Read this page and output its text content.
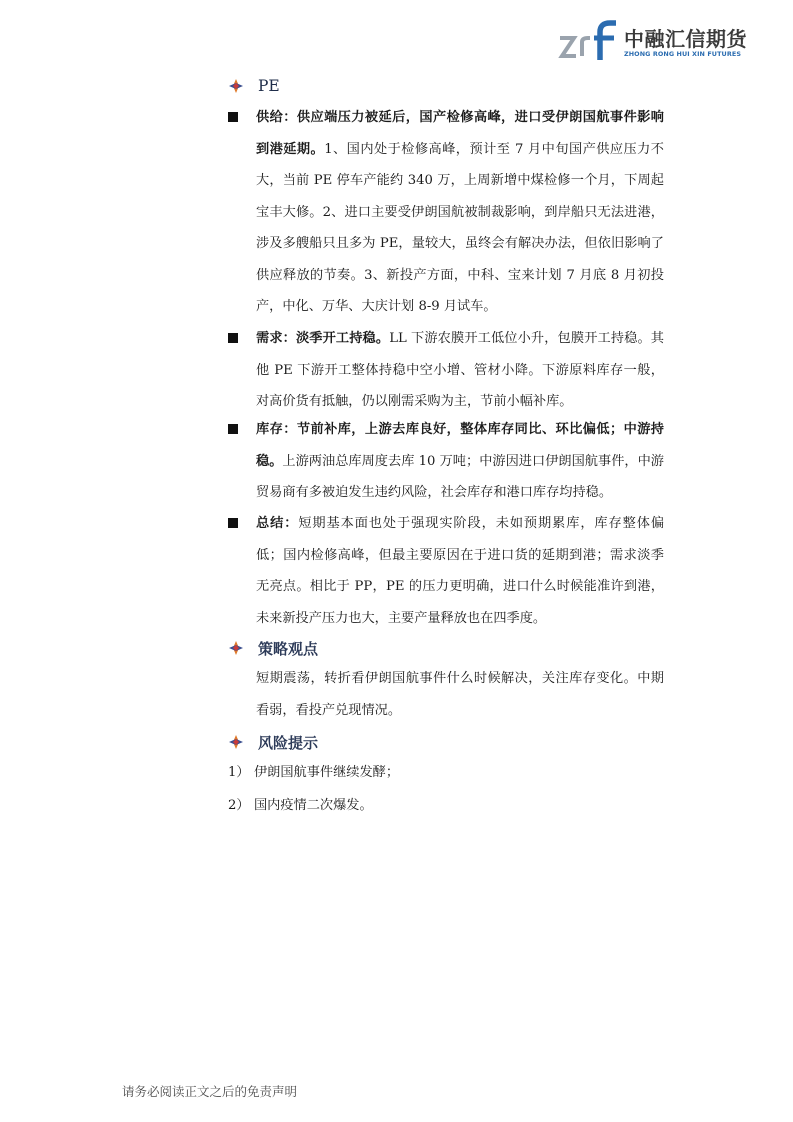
中融汇信期货
ZHONG RONG HUI XIN FUTURES
PE

供给：供应端压力被延后，国产检修高峰，进口受伊朗国航事件影响到港延期。1、国内处于检修高峰，预计至 7 月中旬国产供应压力不大，当前 PE 停车产能约 340 万，上周新增中煤检修一个月，下周起宝丰大修。2、进口主要受伊朗国航被制裁影响，到岸船只无法进港，涉及多艘船只且多为 PE，量较大，虽终会有解决办法，但依旧影响了供应释放的节奏。3、新投产方面，中科、宝来计划 7 月底 8 月初投产，中化、万华、大庆计划 8-9 月试车。

需求：淡季开工持稳。LL 下游农膜开工低位小升，包膜开工持稳。其他 PE 下游开工整体持稳中空小增、管材小降。下游原料库存一般，对高价货有抵触，仍以刚需采购为主，节前小幅补库。

库存：节前补库，上游去库良好，整体库存同比、环比偏低；中游持稳。上游两油总库周度去库 10 万吨；中游因进口伊朗国航事件，中游贸易商有多被迫发生违约风险，社会库存和港口库存均持稳。

总结：短期基本面也处于强现实阶段，未如预期累库，库存整体偏低；国内检修高峰，但最主要原因在于进口货的延期到港；需求淡季无亮点。相比于 PP，PE 的压力更明确，进口什么时候能准许到港，未来新投产压力也大，主要产量释放也在四季度。

策略观点

短期震荡，转折看伊朗国航事件什么时候解决，关注库存变化。中期看弱，看投产兑现情况。

风险提示
1） 伊朗国航事件继续发酵；
2） 国内疫情二次爆发。
请务必阅读正文之后的免责声明
